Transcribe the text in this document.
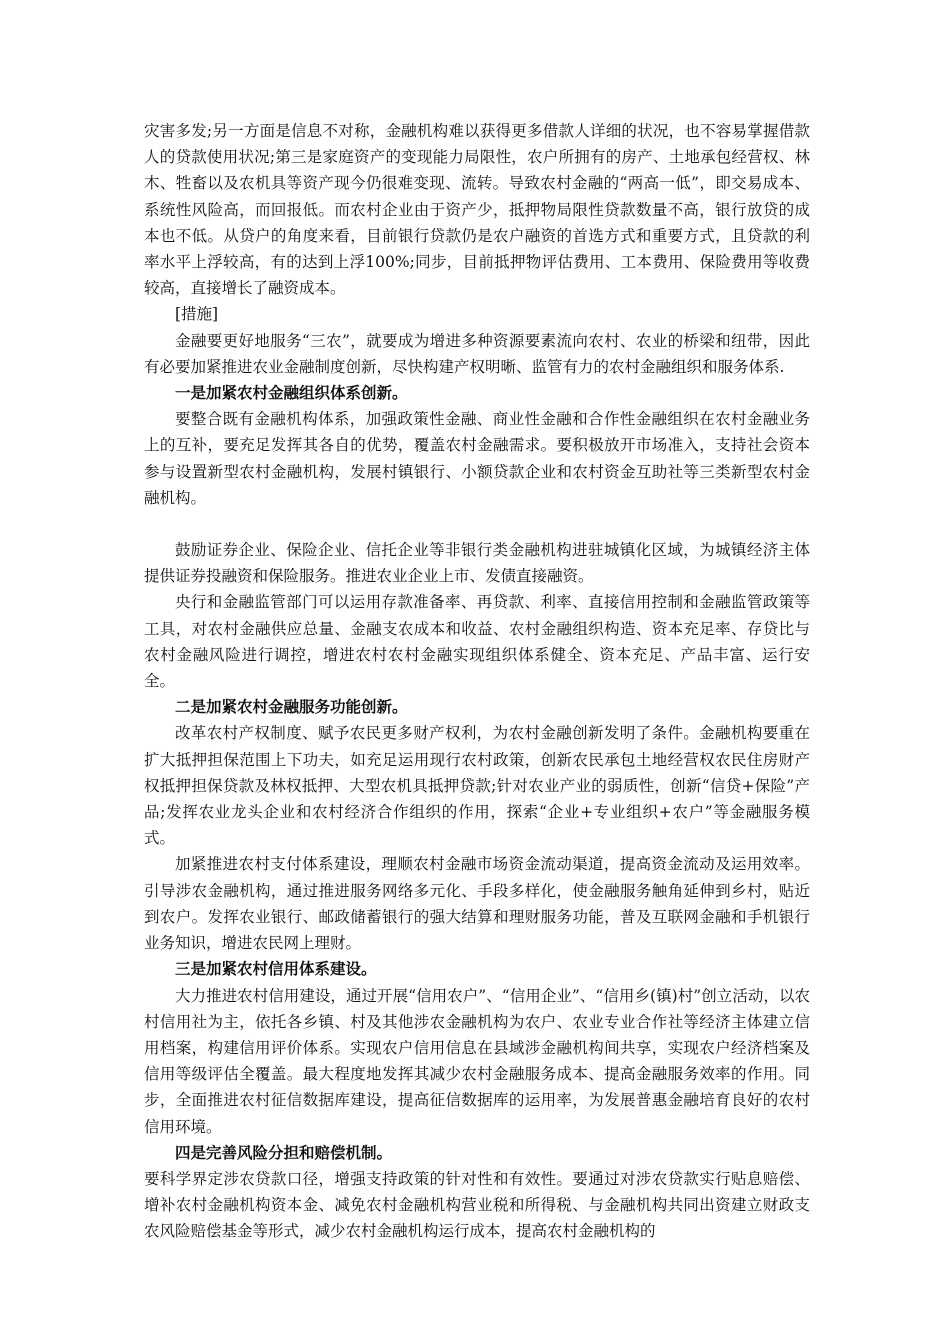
灾害多发;另一方面是信息不对称，金融机构难以获得更多借款人详细的状况，也不容易掌握借款人的贷款使用状况;第三是家庭资产的变现能力局限性，农户所拥有的房产、土地承包经营权、林木、牲畜以及农机具等资产现今仍很难变现、流转。导致农村金融的“两高一低”，即交易成本、系统性风险高，而回报低。而农村企业由于资产少，抵押物局限性贷款数量不高，银行放贷的成本也不低。从贷户的角度来看，目前银行贷款仍是农户融资的首选方式和重要方式，且贷款的利率水平上浮较高，有的达到上浮100%;同步，目前抵押物评估费用、工本费用、保险费用等收费较高，直接增长了融资成本。

[措施]

金融要更好地服务“三农”，就要成为增进多种资源要素流向农村、农业的桥梁和纽带，因此有必要加紧推进农业金融制度创新，尽快构建产权明晰、监管有力的农村金融组织和服务体系.

一是加紧农村金融组织体系创新。

要整合既有金融机构体系，加强政策性金融、商业性金融和合作性金融组织在农村金融业务上的互补，要充足发挥其各自的优势，覆盖农村金融需求。要积极放开市场准入，支持社会资本参与设置新型农村金融机构，发展村镇银行、小额贷款企业和农村资金互助社等三类新型农村金融机构。

鼓励证券企业、保险企业、信托企业等非银行类金融机构进驻城镇化区域，为城镇经济主体提供证券投融资和保险服务。推进农业企业上市、发债直接融资。

央行和金融监管部门可以运用存款准备率、再贷款、利率、直接信用控制和金融监管政策等工具，对农村金融供应总量、金融支农成本和收益、农村金融组织构造、资本充足率、存贷比与农村金融风险进行调控，增进农村农村金融实现组织体系健全、资本充足、产品丰富、运行安全。

二是加紧农村金融服务功能创新。

改革农村产权制度、赋予农民更多财产权利，为农村金融创新发明了条件。金融机构要重在扩大抵押担保范围上下功夫，如充足运用现行农村政策，创新农民承包土地经营权农民住房财产权抵押担保贷款及林权抵押、大型农机具抵押贷款;针对农业产业的弱质性，创新“信贷+保险”产品;发挥农业龙头企业和农村经济合作组织的作用，探索“企业+专业组织+农户”等金融服务模式。

加紧推进农村支付体系建设，理顺农村金融市场资金流动渠道，提高资金流动及运用效率。引导涉农金融机构，通过推进服务网络多元化、手段多样化，使金融服务触角延伸到乡村，贴近到农户。发挥农业银行、邮政储蓄银行的强大结算和理财服务功能，普及互联网金融和手机银行业务知识，增进农民网上理财。

三是加紧农村信用体系建设。

大力推进农村信用建设，通过开展“信用农户”、“信用企业”、“信用乡(镇)村”创立活动，以农村信用社为主，依托各乡镇、村及其他涉农金融机构为农户、农业专业合作社等经济主体建立信用档案，构建信用评价体系。实现农户信用信息在县域涉金融机构间共享，实现农户经济档案及信用等级评估全覆盖。最大程度地发挥其减少农村金融服务成本、提高金融服务效率的作用。同步，全面推进农村征信数据库建设，提高征信数据库的运用率，为发展普惠金融培育良好的农村信用环境。

四是完善风险分担和赔偿机制。

要科学界定涉农贷款口径，增强支持政策的针对性和有效性。要通过对涉农贷款实行贴息赔偿、增补农村金融机构资本金、减免农村金融机构营业税和所得税、与金融机构共同出资建立财政支农风险赔偿基金等形式，减少农村金融机构运行成本，提高农村金融机构的
